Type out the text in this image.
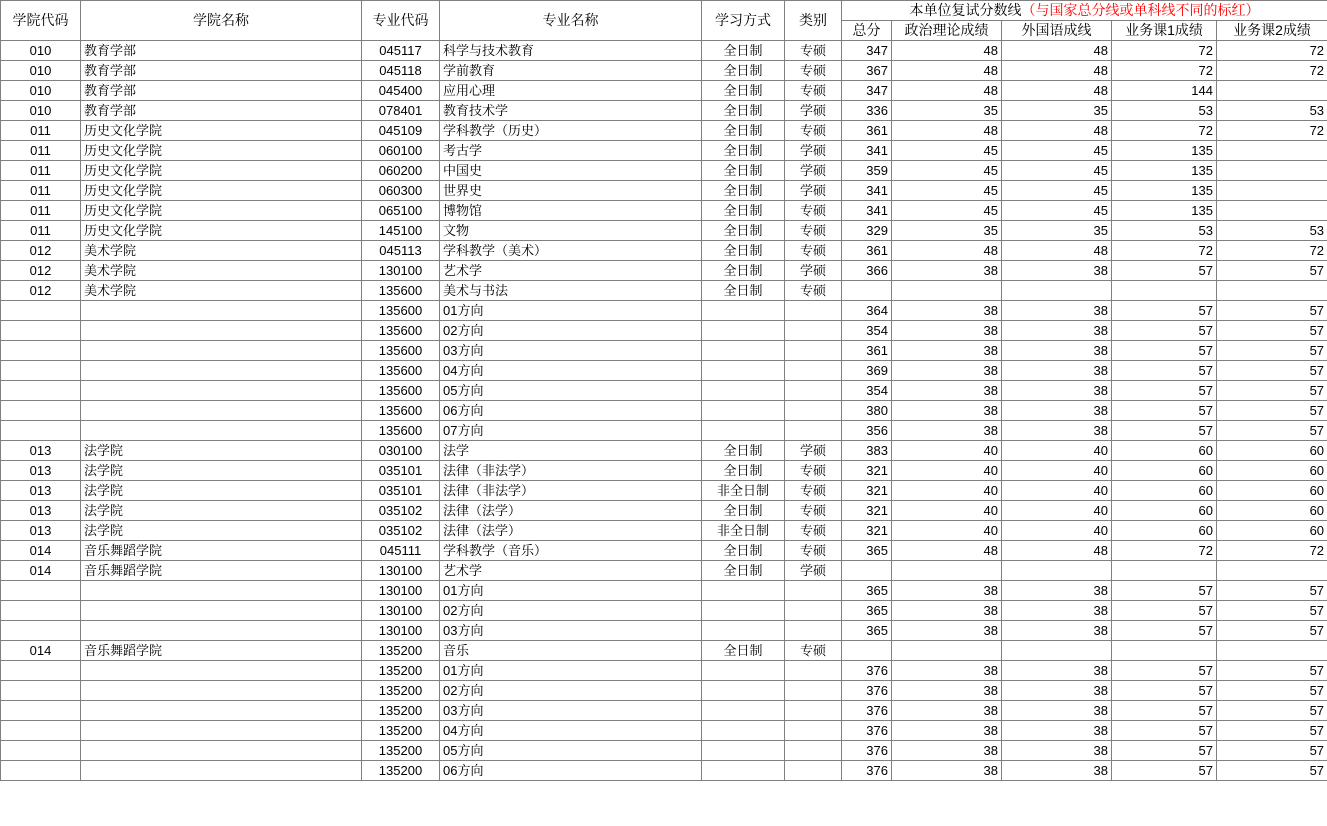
学院代码	学院名称	专业代码	专业名称	学习方式	类别	本单位复试分数线（与国家总分线或单科线不同的标红）				
						总分	政治理论成绩	外国语成线	业务课1成绩	业务课2成绩
010	教育学部	045117	科学与技术教育	全日制	专硕	347	48	48	72	72
010	教育学部	045118	学前教育	全日制	专硕	367	48	48	72	72
010	教育学部	045400	应用心理	全日制	专硕	347	48	48	144	
010	教育学部	078401	教育技术学	全日制	学硕	336	35	35	53	53
011	历史文化学院	045109	学科教学（历史）	全日制	专硕	361	48	48	72	72
011	历史文化学院	060100	考古学	全日制	学硕	341	45	45	135	
011	历史文化学院	060200	中国史	全日制	学硕	359	45	45	135	
011	历史文化学院	060300	世界史	全日制	学硕	341	45	45	135	
011	历史文化学院	065100	博物馆	全日制	专硕	341	45	45	135	
011	历史文化学院	145100	文物	全日制	专硕	329	35	35	53	53
012	美术学院	045113	学科教学（美术）	全日制	专硕	361	48	48	72	72
012	美术学院	130100	艺术学	全日制	学硕	366	38	38	57	57
012	美术学院	135600	美术与书法	全日制	专硕					
		135600	01方向			364	38	38	57	57
		135600	02方向			354	38	38	57	57
		135600	03方向			361	38	38	57	57
		135600	04方向			369	38	38	57	57
		135600	05方向			354	38	38	57	57
		135600	06方向			380	38	38	57	57
		135600	07方向			356	38	38	57	57
013	法学院	030100	法学	全日制	学硕	383	40	40	60	60
013	法学院	035101	法律（非法学）	全日制	专硕	321	40	40	60	60
013	法学院	035101	法律（非法学）	非全日制	专硕	321	40	40	60	60
013	法学院	035102	法律（法学）	全日制	专硕	321	40	40	60	60
013	法学院	035102	法律（法学）	非全日制	专硕	321	40	40	60	60
014	音乐舞蹈学院	045111	学科教学（音乐）	全日制	专硕	365	48	48	72	72
014	音乐舞蹈学院	130100	艺术学	全日制	学硕					
		130100	01方向			365	38	38	57	57
		130100	02方向			365	38	38	57	57
		130100	03方向			365	38	38	57	57
014	音乐舞蹈学院	135200	音乐	全日制	专硕					
		135200	01方向			376	38	38	57	57
		135200	02方向			376	38	38	57	57
		135200	03方向			376	38	38	57	57
		135200	04方向			376	38	38	57	57
		135200	05方向			376	38	38	57	57
		135200	06方向			376	38	38	57	57
